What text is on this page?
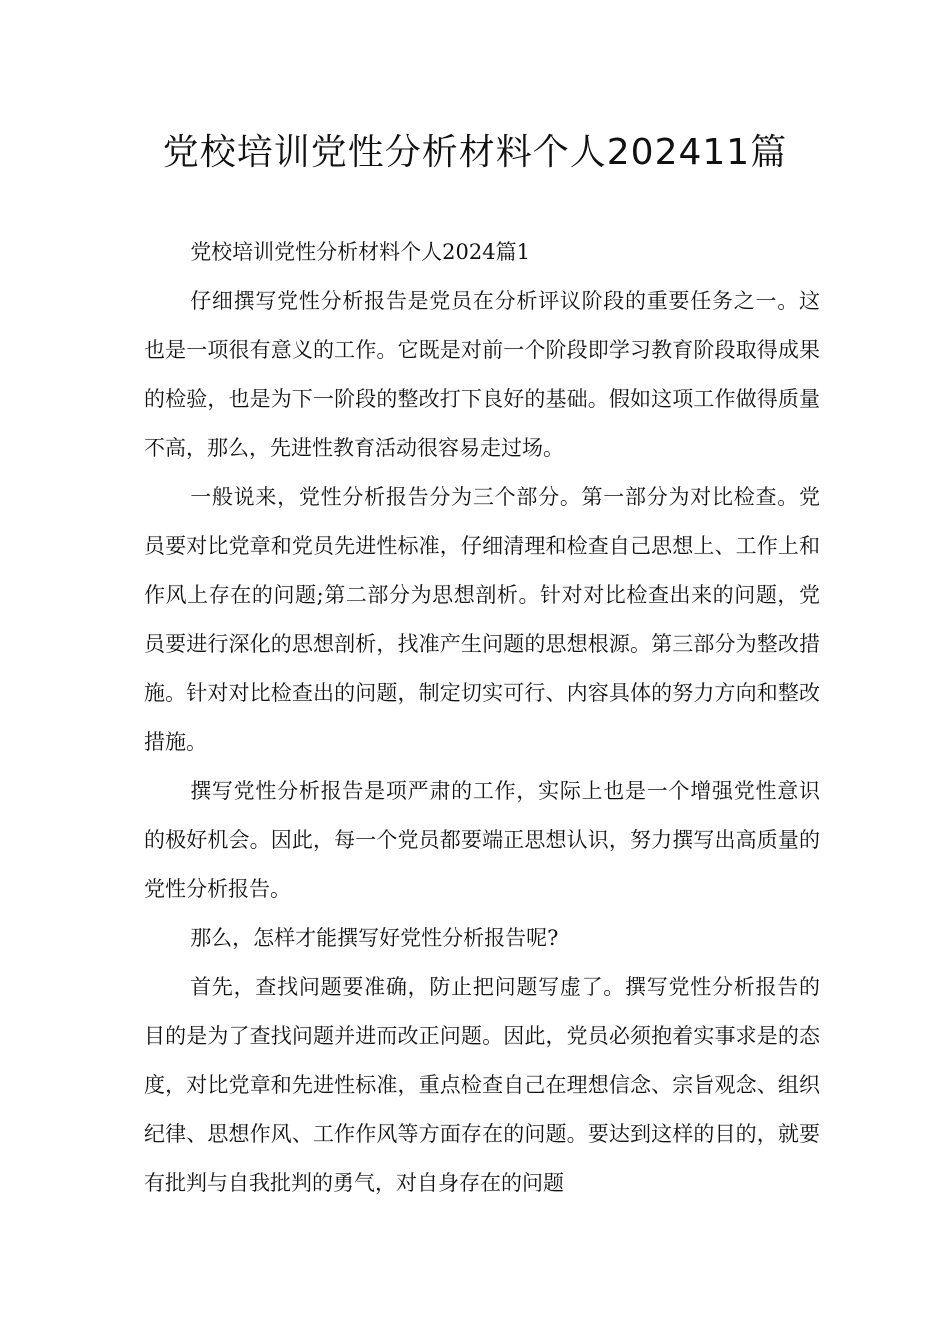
党校培训党性分析材料个人202411篇

党校培训党性分析材料个人2024篇1

仔细撰写党性分析报告是党员在分析评议阶段的重要任务之一。这也是一项很有意义的工作。它既是对前一个阶段即学习教育阶段取得成果的检验，也是为下一阶段的整改打下良好的基础。假如这项工作做得质量不高，那么，先进性教育活动很容易走过场。

一般说来，党性分析报告分为三个部分。第一部分为对比检查。党员要对比党章和党员先进性标准，仔细清理和检查自己思想上、工作上和作风上存在的问题;第二部分为思想剖析。针对对比检查出来的问题，党员要进行深化的思想剖析，找准产生问题的思想根源。第三部分为整改措施。针对对比检查出的问题，制定切实可行、内容具体的努力方向和整改措施。

撰写党性分析报告是项严肃的工作，实际上也是一个增强党性意识的极好机会。因此，每一个党员都要端正思想认识，努力撰写出高质量的党性分析报告。

那么，怎样才能撰写好党性分析报告呢?

首先，查找问题要准确，防止把问题写虚了。撰写党性分析报告的目的是为了查找问题并进而改正问题。因此，党员必须抱着实事求是的态度，对比党章和先进性标准，重点检查自己在理想信念、宗旨观念、组织纪律、思想作风、工作作风等方面存在的问题。要达到这样的目的，就要有批判与自我批判的勇气，对自身存在的问题
